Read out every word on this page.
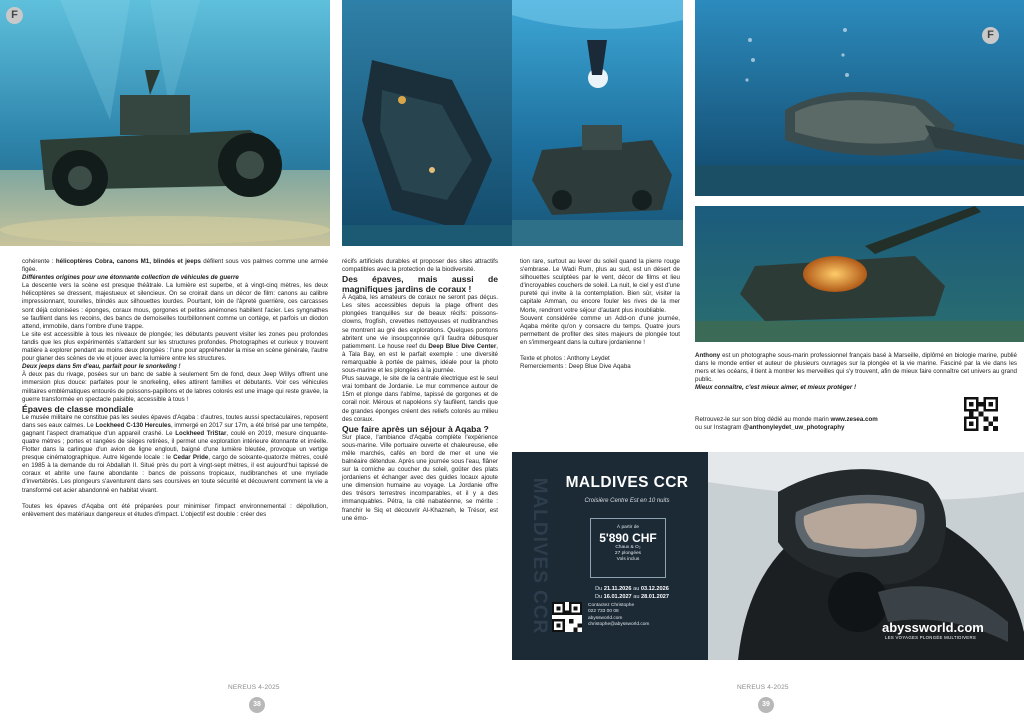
F

cohérente : hélicoptères Cobra, canons M1, blindés et jeeps défilent sous vos palmes comme une armée figée.

Différentes origines pour une étonnante collection de véhicules de guerre

La descente vers la scène est presque théâtrale. La lumière est superbe, et à vingt-cinq mètres, les deux hélicoptères se dressent, majestueux et silencieux. On se croirait dans un décor de film: canons au calibre impressionnant, tourelles, blindés aux silhouettes lourdes. Pourtant, loin de l'âpreté guerrière, ces carcasses sont déjà colonisées : éponges, coraux mous, gorgones et petites anémones habillent l'acier. Les syngnathes se faufilent dans les recoins, des bancs de demoiselles tourbillonnent comme un cortège, et parfois un diodon attend, immobile, dans l'ombre d'une trappe.

Le site est accessible à tous les niveaux de plongée; les débutants peuvent visiter les zones peu profondes tandis que les plus expérimentés s'attardent sur les structures profondes. Photographes et curieux y trouvent matière à explorer pendant au moins deux plongées : l'une pour appréhender la mise en scène générale, l'autre pour glaner des scènes de vie et jouer avec la lumière entre les structures.

Deux jeeps dans 5m d'eau, parfait pour le snorkeling !

À deux pas du rivage, posées sur un banc de sable à seulement 5m de fond, deux Jeep Willys offrent une immersion plus douce: parfaites pour le snorkeling, elles attirent familles et débutants. Voir ces véhicules militaires emblématiques entourés de poissons-papillons et de labres colorés est une image qui reste gravée, la guerre transformée en spectacle paisible, accessible à tous !

Épaves de classe mondiale

Le musée militaire ne constitue pas les seules épaves d'Aqaba : d'autres, toutes aussi spectaculaires, reposent dans ses eaux calmes. Le Lockheed C-130 Hercules, immergé en 2017 sur 17m, a été brisé par une tempête, gagnant l'aspect dramatique d'un appareil crashé. Le Lockheed TriStar, coulé en 2019, mesure cinquante-quatre mètres ; portes et rangées de sièges retirées, il permet une exploration intérieure étonnante et irréelle. Flotter dans la carlingue d'un avion de ligne englouti, baigné d'une lumière bleutée, provoque un vertige presque cinématographique. Autre légende locale : le Cedar Pride, cargo de soixante-quatorze mètres, coulé en 1985 à la demande du roi Abdallah II. Situé près du port à vingt-sept mètres, il est aujourd'hui tapissé de coraux et abrite une faune abondante : bancs de poissons tropicaux, nudibranches et une myriade d'invertébrés. Les plongeurs s'aventurent dans ses coursives en toute sécurité et découvrent comment la vie a transformé cet acier abandonné en habitat vivant.

Toutes les épaves d'Aqaba ont été préparées pour minimiser l'impact environnemental : dépollution, enlèvement des matériaux dangereux et études d'impact. L'objectif est double : créer des

récifs artificiels durables et proposer des sites attractifs compatibles avec la protection de la biodiversité.

Des épaves, mais aussi de magnifiques jardins de coraux !

À Aqaba, les amateurs de coraux ne seront pas déçus. Les sites accessibles depuis la plage offrent des plongées tranquilles sur de beaux récifs: poissons-clowns, frogfish, crevettes nettoyeuses et nudibranches se montrent au gré des explorations. Quelques pontons abritent une vie insoupçonnée qu'il faudra débusquer patiemment. Le house reef du Deep Blue Dive Center, à Tala Bay, en est le parfait exemple : une diversité remarquable à portée de palmes, idéale pour la photo sous-marine et les plongées à la journée.

Plus sauvage, le site de la centrale électrique est le seul vrai tombant de Jordanie. Le mur commence autour de 15m et plonge dans l'abîme, tapissé de gorgones et de corail noir. Mérous et napoléons s'y faufilent, tandis que de grandes éponges créent des reliefs colorés au milieu des coraux.

Que faire après un séjour à Aqaba ?

Sur place, l'ambiance d'Aqaba complète l'expérience sous-marine. Ville portuaire ouverte et chaleureuse, elle mêle marchés, cafés en bord de mer et une vie balnéaire détendue. Après une journée sous l'eau, flâner sur la corniche au coucher du soleil, goûter des plats jordaniens et échanger avec des guides locaux ajoute une dimension humaine au voyage. La Jordanie offre des trésors terrestres incomparables, et il y a des immanquables. Pétra, la cité nabatéenne, se mérite : franchir le Siq et découvrir Al-Khazneh, le Trésor, est une émo-

NEREUS 4-2025
38
F

tion rare, surtout au lever du soleil quand la pierre rouge s'embrase. Le Wadi Rum, plus au sud, est un désert de silhouettes sculptées par le vent, décor de films et lieu d'incroyables couchers de soleil. La nuit, le ciel y est d'une pureté qui invite à la contemplation. Bien sûr, visiter la capitale Amman, ou encore fouler les rives de la mer Morte, rendront votre séjour d'autant plus inoubliable.

Souvent considérée comme un Add-on d'une journée, Aqaba mérite qu'on y consacre du temps. Quatre jours permettent de profiter des sites majeurs de plongée tout en s'immergeant dans la culture jordanienne !

Texte et photos : Anthony Leydet

Remerciements : Deep Blue Dive Aqaba

Anthony est un photographe sous-marin professionnel français basé à Marseille, diplômé en biologie marine, publié dans le monde entier et auteur de plusieurs ouvrages sur la plongée et la vie marine. Fasciné par la vie dans les mers et les océans, il tient à montrer les merveilles qui s'y trouvent, afin de mieux faire connaître cet univers au grand public.

Mieux connaître, c'est mieux aimer, et mieux protéger !

Retrouvez-le sur son blog dédié au monde marin www.zesea.com

ou sur Instagram @anthonyleydet_uw_photography

MALDIVES CCR	MALDIVES CCR
Croisière Centre Est en 10 nuits
À partir de
5'890 CHF
Chaux & O₂
27 plongées
Vols inclus
Du 21.11.2026 au 03.12.2026
Du 16.01.2027 au 28.01.2027
Contactez Christophe
022 733 00 08
abyssworld.com
christophe@abyssworld.com	abyssworld.com
LES VOYAGES PLONGÉE MULTIDIVERS
NEREUS 4-2025
39
